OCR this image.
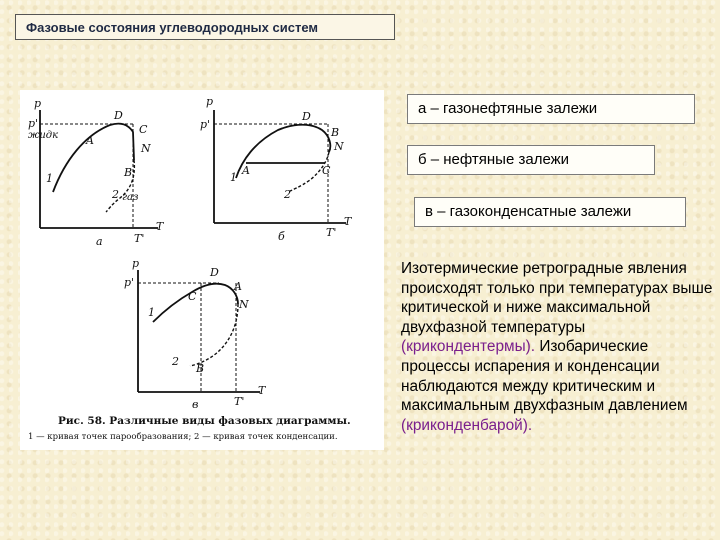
Фазовые состояния углеводородных систем
p
p'
D
C
A
N
B
1
2
жидк
газ
T'
T
а
p
p'
D
B
N
A	C
1
2
T'
T
б
p
p'
D
C
A
N
1
2
B
T'
T
в
Рис. 58. Различные виды фазовых диаграммы.
1 — кривая точек парообразования; 2 — кривая точек конденсации.
а – газонефтяные залежи
б – нефтяные залежи
в – газоконденсатные залежи
Изотермические ретроградные явления происходят только при температурах выше критической и ниже максимальной двухфазной температуры (крикондентермы). Изобарические процессы испарения и конденсации наблюдаются между критическим и максимальным двухфазным давлением (криконденбарой).
